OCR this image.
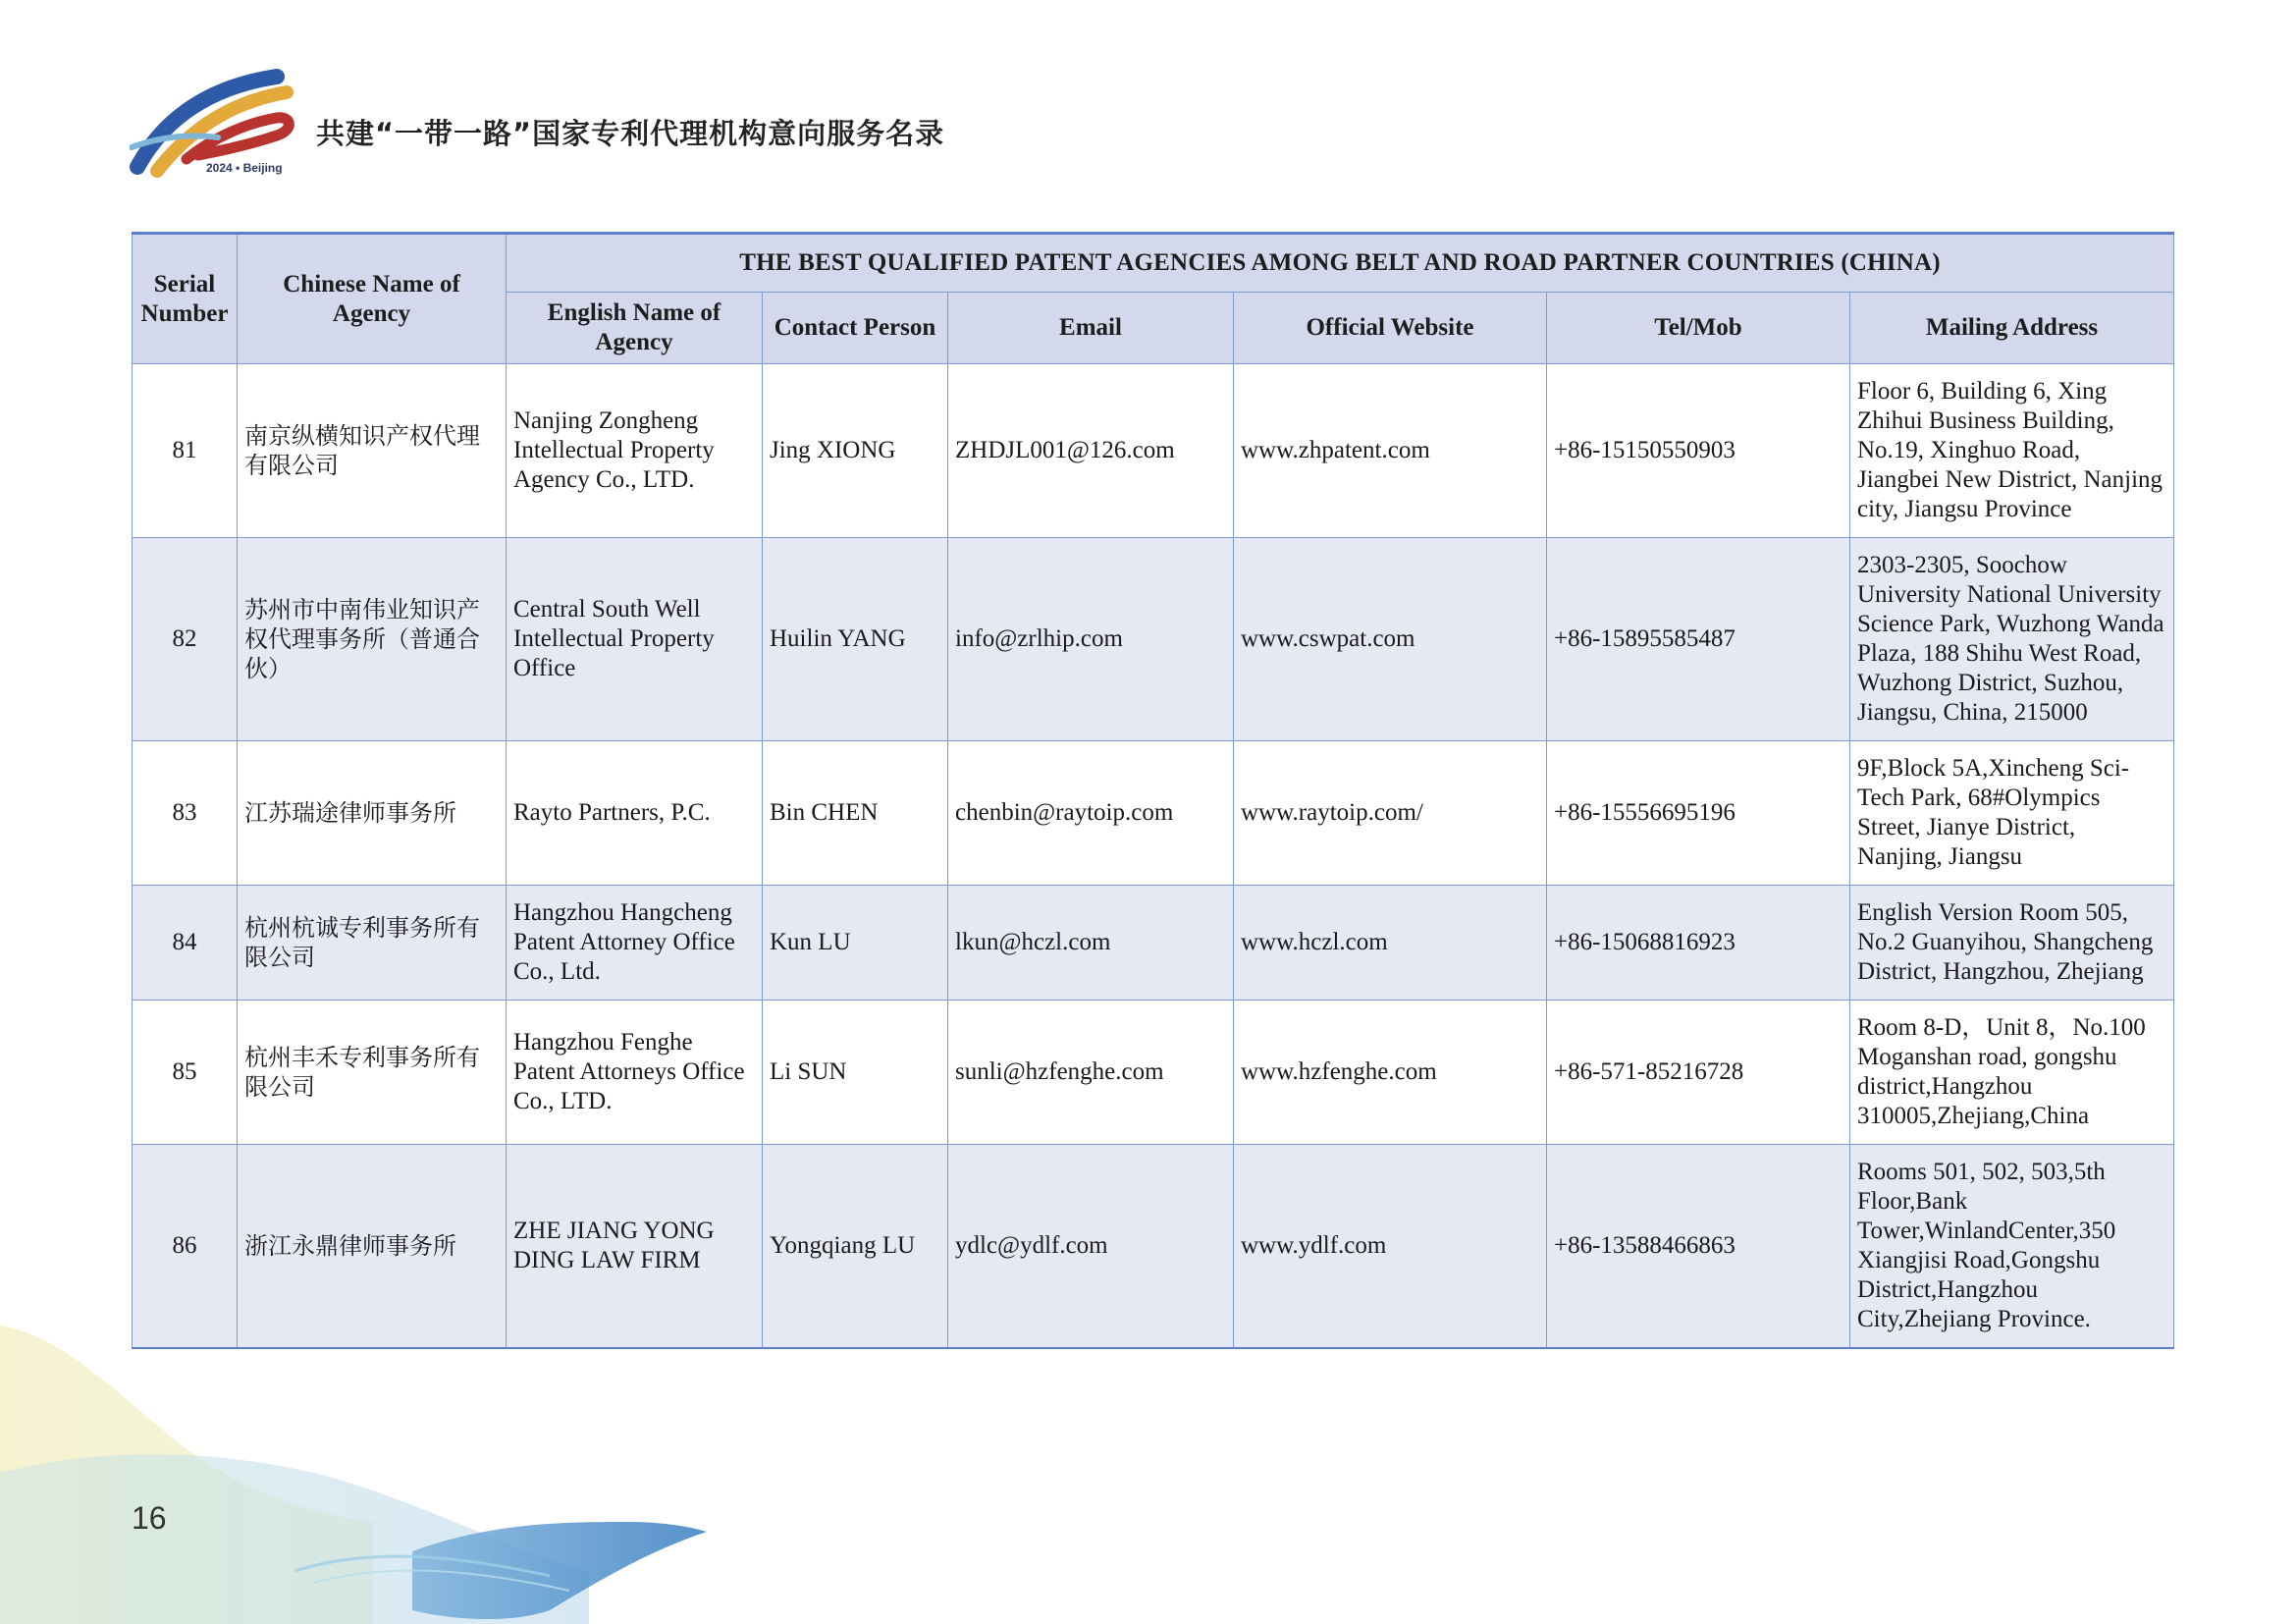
2024 • Beijing
共建“一带一路”国家专利代理机构意向服务名录
Serial Number	Chinese Name of Agency	THE BEST QUALIFIED PATENT AGENCIES AMONG BELT AND ROAD PARTNER COUNTRIES (CHINA)					
		English Name of Agency	Contact Person	Email	Official Website	Tel/Mob	Mailing Address
81	南京纵横知识产权代理有限公司	Nanjing Zongheng Intellectual Property Agency Co., LTD.	Jing XIONG	ZHDJL001@126.com	www.zhpatent.com	+86-15150550903	Floor 6, Building 6, Xing Zhihui Business Building, No.19, Xinghuo Road, Jiangbei New District, Nanjing city, Jiangsu Province
82	苏州市中南伟业知识产权代理事务所（普通合伙）	Central South Well Intellectual Property Office	Huilin YANG	info@zrlhip.com	www.cswpat.com	+86-15895585487	2303-2305, Soochow University National University Science Park, Wuzhong Wanda Plaza, 188 Shihu West Road, Wuzhong District, Suzhou, Jiangsu, China, 215000
83	江苏瑞途律师事务所	Rayto Partners, P.C.	Bin CHEN	chenbin@raytoip.com	www.raytoip.com/	+86-15556695196	9F,Block 5A,Xincheng Sci-Tech Park, 68#Olympics Street, Jianye District, Nanjing, Jiangsu
84	杭州杭诚专利事务所有限公司	Hangzhou Hangcheng Patent Attorney Office Co., Ltd.	Kun LU	lkun@hczl.com	www.hczl.com	+86-15068816923	English Version Room 505, No.2 Guanyihou, Shangcheng District, Hangzhou, Zhejiang
85	杭州丰禾专利事务所有限公司	Hangzhou Fenghe Patent Attorneys Office Co., LTD.	Li SUN	sunli@hzfenghe.com	www.hzfenghe.com	+86-571-85216728	Room 8-D，Unit 8，No.100 Moganshan road, gongshu district,Hangzhou 310005,Zhejiang,China
86	浙江永鼎律师事务所	ZHE JIANG YONG DING LAW FIRM	Yongqiang LU	ydlc@ydlf.com	www.ydlf.com	+86-13588466863	Rooms 501, 502, 503,5th Floor,Bank Tower,WinlandCenter,350 Xiangjisi Road,Gongshu District,Hangzhou City,Zhejiang Province.
16
